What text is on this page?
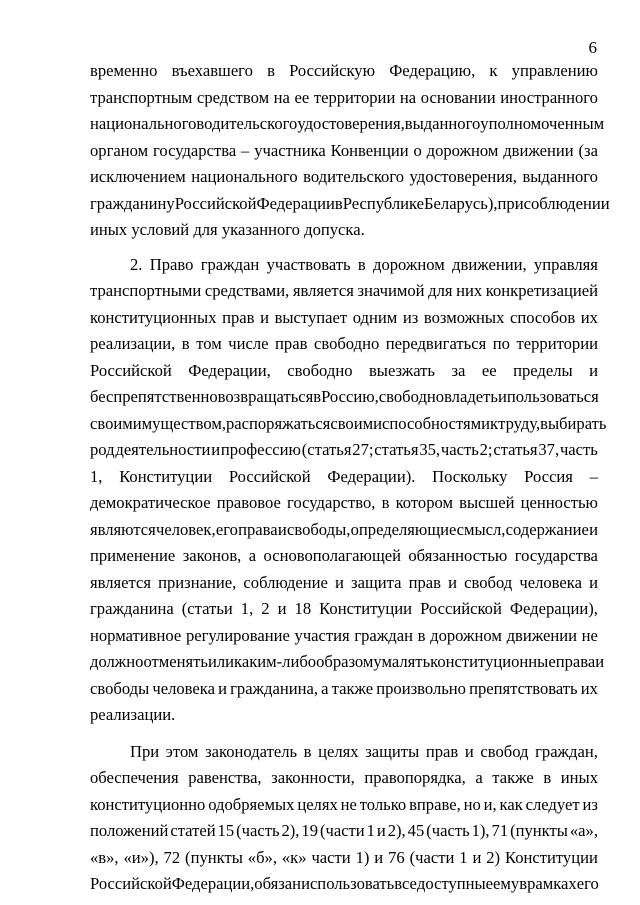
6
временно въехавшего в Российскую Федерацию, к управлению
транспортным средством на ее территории на основании иностранного
национального водительского удостоверения, выданного уполномоченным
органом государства – участника Конвенции о дорожном движении (за
исключением национального водительского удостоверения, выданного
гражданину Российской Федерации в Республике Беларусь), при соблюдении
иных условий для указанного допуска.
2. Право граждан участвовать в дорожном движении, управляя
транспортными средствами, является значимой для них конкретизацией
конституционных прав и выступает одним из возможных способов их
реализации, в том числе прав свободно передвигаться по территории
Российской Федерации, свободно выезжать за ее пределы и
беспрепятственно возвращаться в Россию, свободно владеть и пользоваться
своим имуществом, распоряжаться своими способностями к труду, выбирать
род деятельности и профессию (статья 27; статья 35, часть 2; статья 37, часть
1, Конституции Российской Федерации). Поскольку Россия –
демократическое правовое государство, в котором высшей ценностью
являются человек, его права и свободы, определяющие смысл, содержание и
применение законов, а основополагающей обязанностью государства
является признание, соблюдение и защита прав и свобод человека и
гражданина (статьи 1, 2 и 18 Конституции Российской Федерации),
нормативное регулирование участия граждан в дорожном движении не
должно отменять или каким-либо образом умалять конституционные права и
свободы человека и гражданина, а также произвольно препятствовать их
реализации.
При этом законодатель в целях защиты прав и свобод граждан,
обеспечения равенства, законности, правопорядка, а также в иных
конституционно одобряемых целях не только вправе, но и, как следует из
положений статей 15 (часть 2), 19 (части 1 и 2), 45 (часть 1), 71 (пункты «а»,
«в», «и»), 72 (пункты «б», «к» части 1) и 76 (части 1 и 2) Конституции
Российской Федерации, обязан использовать все доступные ему в рамках его
